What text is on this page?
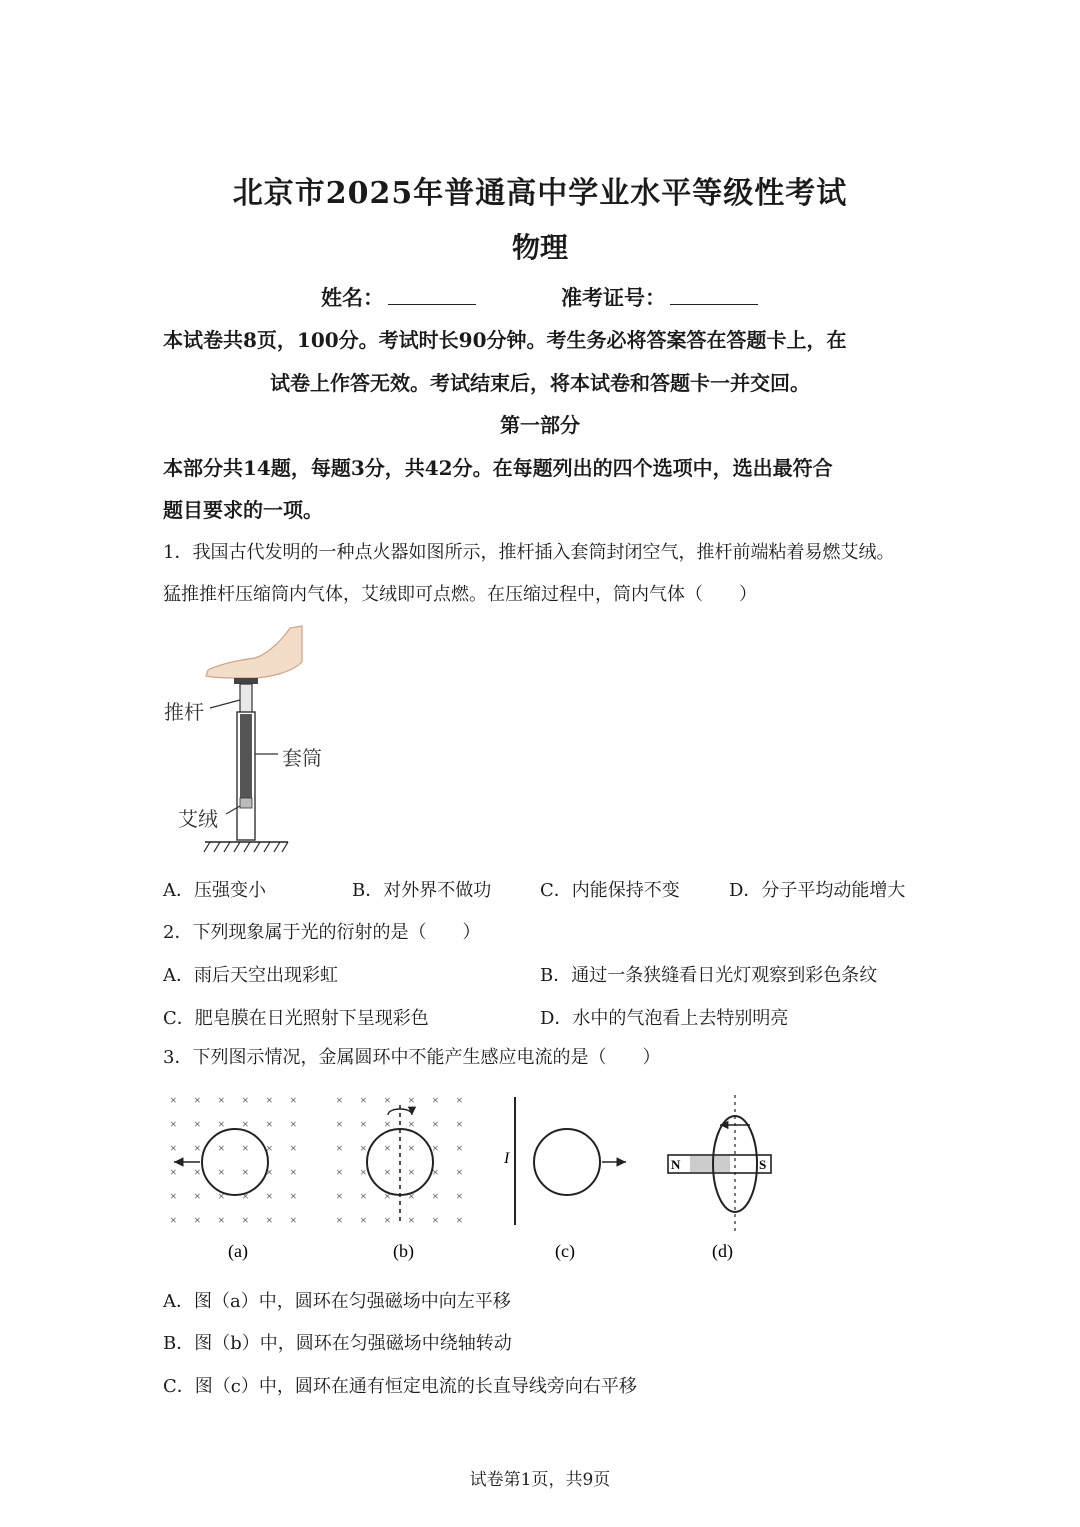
北京市2025年普通高中学业水平等级性考试
物理
姓名：	准考证号：
本试卷共8页，100分。考试时长90分钟。考生务必将答案答在答题卡上，在
试卷上作答无效。考试结束后，将本试卷和答题卡一并交回。
第一部分
本部分共14题，每题3分，共42分。在每题列出的四个选项中，选出最符合
题目要求的一项。
1．我国古代发明的一种点火器如图所示，推杆插入套筒封闭空气，推杆前端粘着易燃艾绒。
猛推推杆压缩筒内气体，艾绒即可点燃。在压缩过程中，筒内气体（　　）
推杆
套筒
艾绒
A．压强变小	B．对外界不做功	C．内能保持不变	D．分子平均动能增大
2．下列现象属于光的衍射的是（　　）
A．雨后天空出现彩虹	B．通过一条狭缝看日光灯观察到彩色条纹
C．肥皂膜在日光照射下呈现彩色	D．水中的气泡看上去特别明亮
3．下列图示情况，金属圆环中不能产生感应电流的是（　　）
× × × × × ×
× × × × × ×
× × × × × ×
× × × × × ×
× × × × × ×
× × × × × ×
(a)
× × × × × ×
× × × × × ×
× × × × × ×
× × × × × ×
× × × × × ×
× × × × × ×
(b)
I
(c)
N	S
(d)
A．图（a）中，圆环在匀强磁场中向左平移
B．图（b）中，圆环在匀强磁场中绕轴转动
C．图（c）中，圆环在通有恒定电流的长直导线旁向右平移
试卷第1页，共9页
